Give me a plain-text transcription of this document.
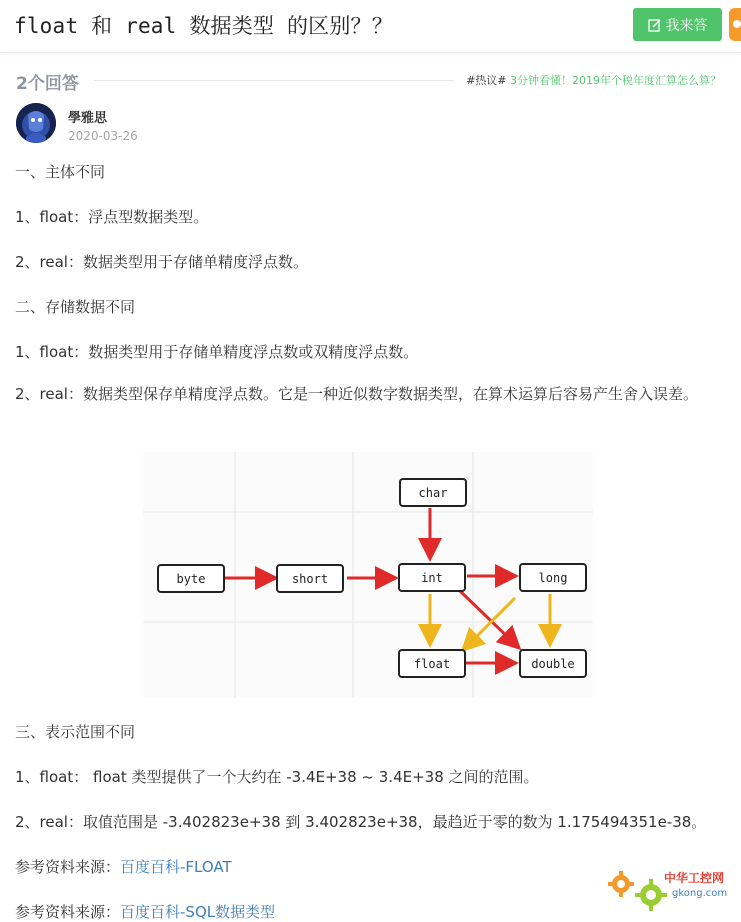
float 和 real 数据类型 的区别？？	我来答
2个回答	#热议# 3分钟看懂！2019年个税年度汇算怎么算？
學雅思
2020-03-26

一、主体不同

1、float：浮点型数据类型。

2、real：数据类型用于存储单精度浮点数。

二、存储数据不同

1、float：数据类型用于存储单精度浮点数或双精度浮点数。

2、real：数据类型保存单精度浮点数。它是一种近似数字数据类型，在算术运算后容易产生舍入误差。

三、表示范围不同

1、float： float 类型提供了一个大约在 -3.4E+38 ~ 3.4E+38 之间的范围。

2、real：取值范围是 -3.402823e+38 到 3.402823e+38，最趋近于零的数为 1.175494351e-38。

参考资料来源：百度百科-FLOAT

参考资料来源：百度百科-SQL数据类型

byte	short
char
int	long
float	double
中华工控网
gkong.com
